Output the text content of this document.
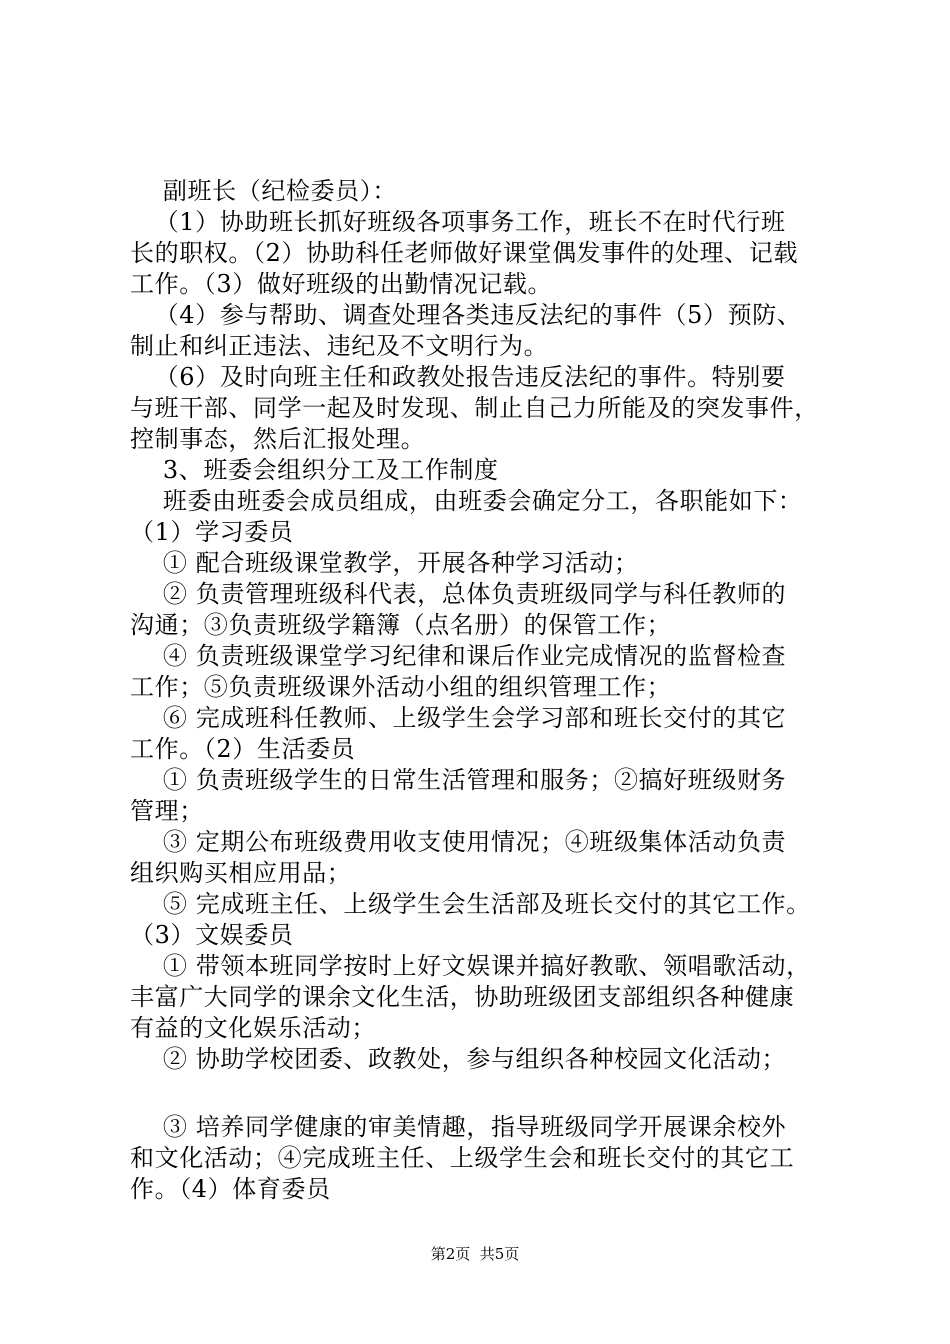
副班长（纪检委员）：
（1）协助班长抓好班级各项事务工作，班长不在时代行班
长的职权。（2）协助科任老师做好课堂偶发事件的处理、记载
工作。（3）做好班级的出勤情况记载。
（4）参与帮助、调查处理各类违反法纪的事件（5）预防、
制止和纠正违法、违纪及不文明行为。
（6）及时向班主任和政教处报告违反法纪的事件。特别要
与班干部、同学一起及时发现、制止自己力所能及的突发事件，
控制事态，然后汇报处理。
3、班委会组织分工及工作制度
班委由班委会成员组成，由班委会确定分工，各职能如下：
（1）学习委员
① 配合班级课堂教学，开展各种学习活动；
② 负责管理班级科代表，总体负责班级同学与科任教师的
沟通；③负责班级学籍簿（点名册）的保管工作；
④ 负责班级课堂学习纪律和课后作业完成情况的监督检查
工作；⑤负责班级课外活动小组的组织管理工作；
⑥ 完成班科任教师、上级学生会学习部和班长交付的其它
工作。（2）生活委员
① 负责班级学生的日常生活管理和服务；②搞好班级财务
管理；
③ 定期公布班级费用收支使用情况；④班级集体活动负责
组织购买相应用品；
⑤ 完成班主任、上级学生会生活部及班长交付的其它工作。
（3）文娱委员
① 带领本班同学按时上好文娱课并搞好教歌、领唱歌活动，
丰富广大同学的课余文化生活，协助班级团支部组织各种健康
有益的文化娱乐活动；
② 协助学校团委、政教处，参与组织各种校园文化活动；
③ 培养同学健康的审美情趣，指导班级同学开展课余校外
和文化活动；④完成班主任、上级学生会和班长交付的其它工
作。（4）体育委员
第2页  共5页
